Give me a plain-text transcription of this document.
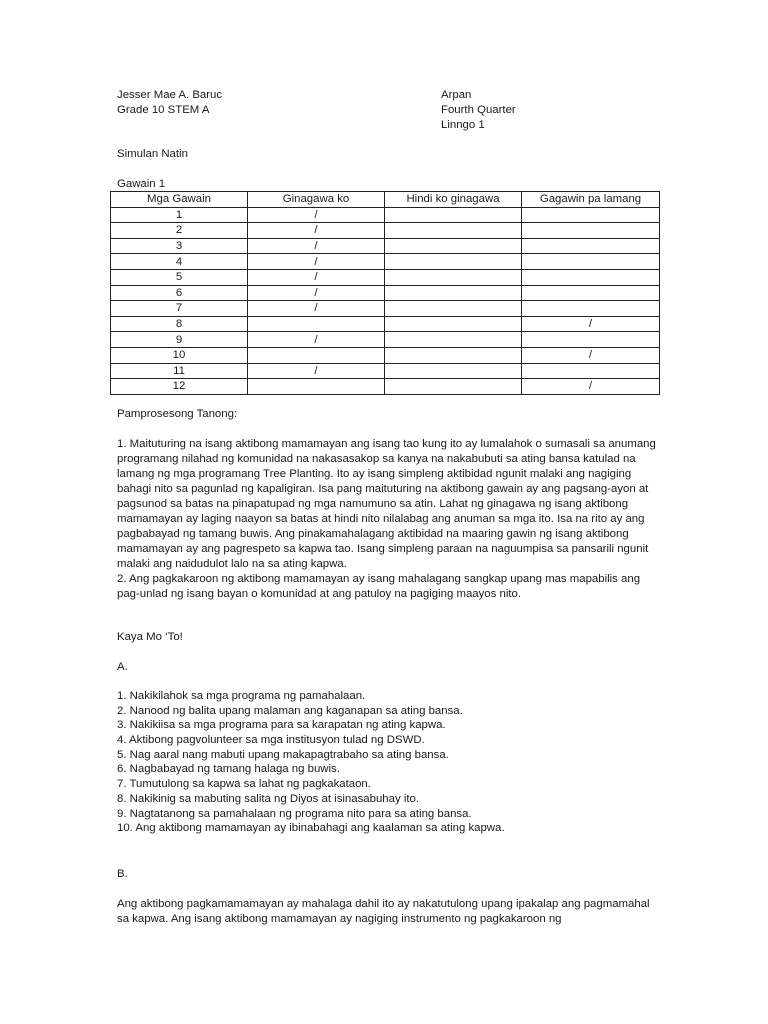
Jesser Mae A. Baruc
Grade 10 STEM A
Arpan
Fourth Quarter
Linngo 1
Simulan Natin
Gawain 1
Mga Gawain	Ginagawa ko	Hindi ko ginagawa	Gagawin pa lamang
1	/		
2	/		
3	/		
4	/		
5	/		
6	/		
7	/		
8			/
9	/		
10			/
11	/		
12			/
Pamprosesong Tanong:

1. Maituturing na isang aktibong mamamayan ang isang tao kung ito ay lumalahok o sumasali sa anumang programang nilahad ng komunidad na nakasasakop sa kanya na nakabubuti sa ating bansa katulad na lamang ng mga programang Tree Planting. Ito ay isang simpleng aktibidad ngunit malaki ang nagiging bahagi nito sa pagunlad ng kapaligiran. Isa pang maituturing na aktibong gawain ay ang pagsang-ayon at pagsunod sa batas na pinapatupad ng mga namumuno sa atin. Lahat ng ginagawa ng isang aktibong mamamayan ay laging naayon sa batas at hindi nito nilalabag ang anuman sa mga ito. Isa na rito ay ang pagbabayad ng tamang buwis. Ang pinakamahalagang aktibidad na maaring gawin ng isang aktibong mamamayan ay ang pagrespeto sa kapwa tao. Isang simpleng paraan na naguumpisa sa pansarili ngunit malaki ang naidudulot lalo na sa ating kapwa.

2. Ang pagkakaroon ng aktibong mamamayan ay isang mahalagang sangkap upang mas mapabilis ang pag-unlad ng isang bayan o komunidad at ang patuloy na pagiging maayos nito.

Kaya Mo ‘To!
A.
1. Nakikilahok sa mga programa ng pamahalaan.
2. Nanood ng balita upang malaman ang kaganapan sa ating bansa.
3. Nakikiisa sa mga programa para sa karapatan ng ating kapwa.
4. Aktibong pagvolunteer sa mga institusyon tulad ng DSWD.
5. Nag aaral nang mabuti upang makapagtrabaho sa ating bansa.
6. Nagbabayad ng tamang halaga ng buwis.
7. Tumutulong sa kapwa sa lahat ng pagkakataon.
8. Nakikinig sa mabuting salita ng Diyos at isinasabuhay ito.
9. Nagtatanong sa pamahalaan ng programa nito para sa ating bansa.
10. Ang aktibong mamamayan ay ibinabahagi ang kaalaman sa ating kapwa.
B.
Ang aktibong pagkamamamayan ay mahalaga dahil ito ay nakatutulong upang ipakalap ang pagmamahal sa kapwa. Ang isang aktibong mamamayan ay nagiging instrumento ng pagkakaroon ng
